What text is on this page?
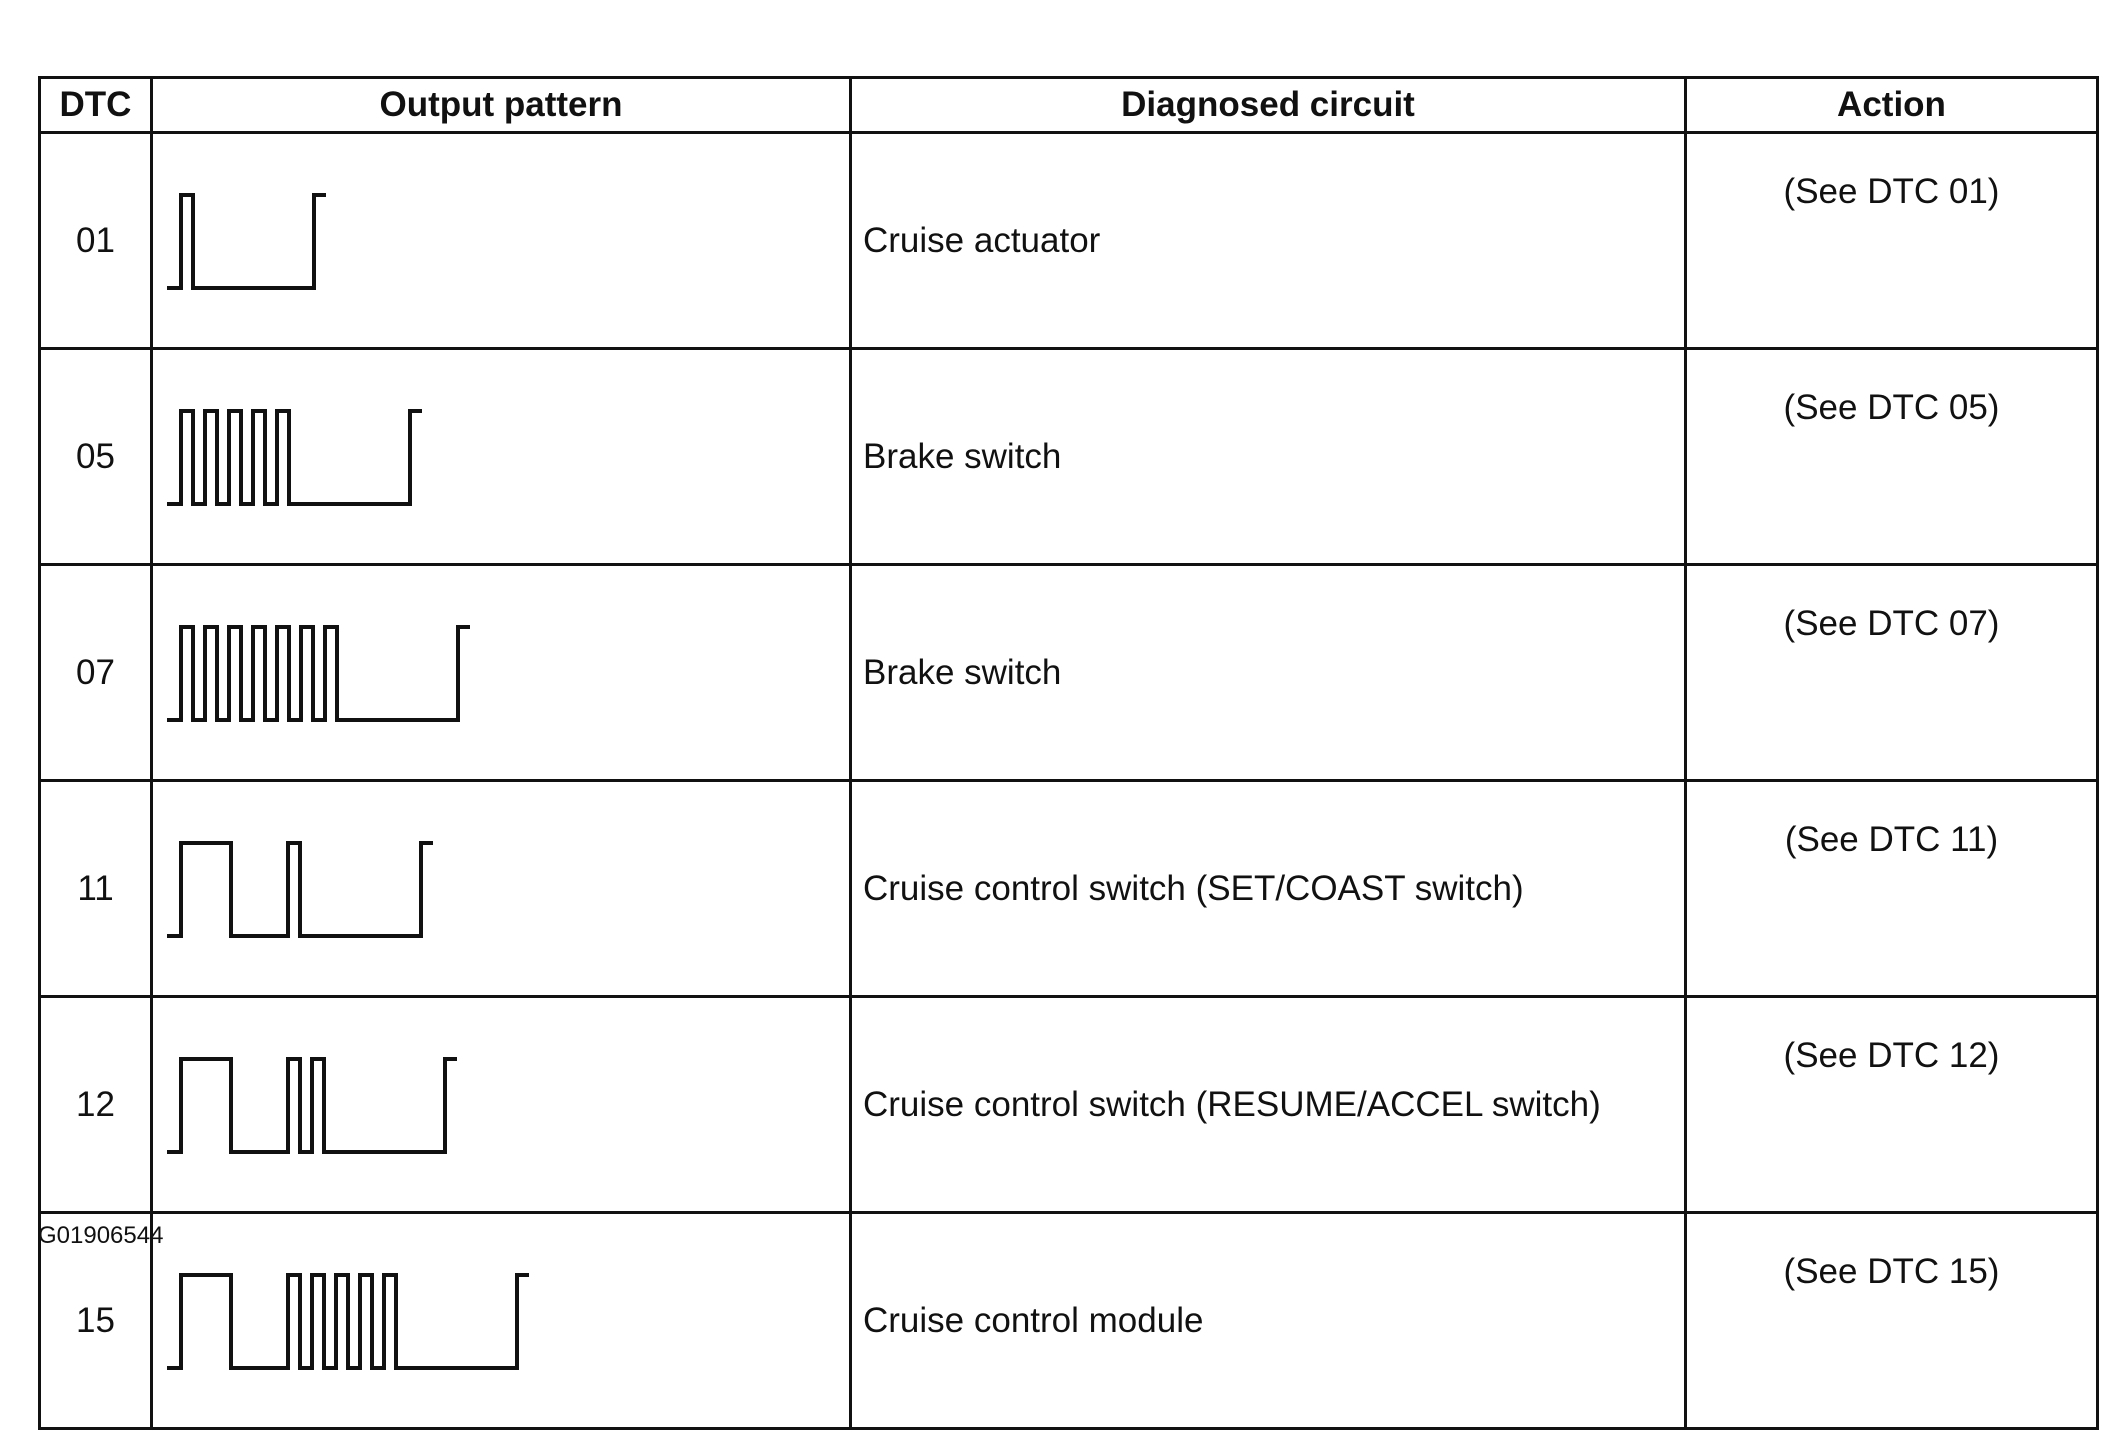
DTC	Output pattern	Diagnosed circuit	Action
01		Cruise actuator	(See DTC 01)
05		Brake switch	(See DTC 05)
07		Brake switch	(See DTC 07)
11		Cruise control switch (SET/COAST switch)	(See DTC 11)
12		Cruise control switch (RESUME/ACCEL switch)	(See DTC 12)
15		Cruise control module	(See DTC 15)
G01906544
